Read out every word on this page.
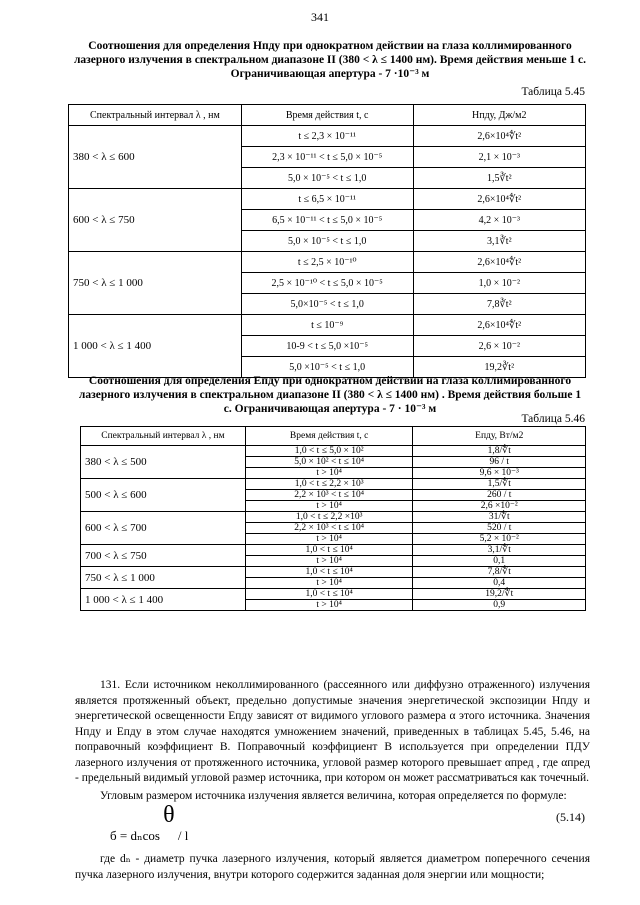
341
Соотношения для определения Нпду при однократном действии на глаза коллимированного
лазерного излучения в спектральном диапазоне II (380 < λ ≤ 1400 нм). Время действия меньше 1 с.
Ограничивающая апертура - 7 ·10⁻³ м
Таблица 5.45
Спектральный интервал λ , нм	Время действия t, с	Нпду, Дж/м2
380 < λ ≤ 600	t ≤ 2,3 × 10⁻¹¹	2,6×10⁴∜t²
	2,3 × 10⁻¹¹ < t ≤ 5,0 × 10⁻⁵	2,1 × 10⁻³
	5,0 × 10⁻⁵ < t ≤ 1,0	1,5∛t²
600 < λ ≤ 750	t ≤ 6,5 × 10⁻¹¹	2,6×10⁴∜t²
	6,5 × 10⁻¹¹ < t ≤ 5,0 × 10⁻⁵	4,2 × 10⁻³
	5,0 × 10⁻⁵ < t ≤ 1,0	3,1∛t²
750 < λ ≤ 1 000	t ≤ 2,5 × 10⁻¹⁰	2,6×10⁴∜t²
	2,5 × 10⁻¹⁰ < t ≤ 5,0 × 10⁻⁵	1,0 × 10⁻²
	5,0×10⁻⁵ < t ≤ 1,0	7,8∛t²
1 000 < λ ≤ 1 400	t ≤ 10⁻⁹	2,6×10⁴∜t²
	10-9 < t ≤ 5,0 ×10⁻⁵	2,6 × 10⁻²
	5,0 ×10⁻⁵ < t ≤ 1,0	19,2∛t²
Соотношения для определения Епду при однократном действии на глаза коллимированного
лазерного излучения в спектральном диапазоне II (380 < λ ≤ 1400 нм) . Время действия больше 1
с. Ограничивающая апертура - 7 · 10⁻³ м
Таблица 5.46
Спектральный интервал λ , нм	Время действия t, с	Епду, Вт/м2
380 < λ ≤ 500	1,0 < t ≤ 5,0 × 10²	1,8/∜t
	5,0 × 10² < t ≤ 10⁴	96 / t
	t > 10⁴	9,6 × 10⁻³
500 < λ ≤ 600	1,0 < t ≤ 2,2 × 10³	1,5/∜t
	2,2 × 10³ < t ≤ 10⁴	260 / t
	t > 10⁴	2,6 ×10⁻²
600 < λ ≤ 700	1,0 < t ≤ 2,2 ×10³	31/∜t
	2,2 × 10³ < t ≤ 10⁴	520 / t
	t > 10⁴	5,2 × 10⁻²
700 < λ ≤ 750	1,0 < t ≤ 10⁴	3,1/∜t
	t > 10⁴	0,1
750 < λ ≤ 1 000	1,0 < t ≤ 10⁴	7,8/∜t
	t > 10⁴	0,4
1 000 < λ ≤ 1 400	1,0 < t ≤ 10⁴	19,2/∜t
	t > 10⁴	0,9
131. Если источником неколлимированного (рассеянного или диффузно отраженного) излучения является протяженный объект, предельно допустимые значения энергетической экспозиции Нпду и энергетической освещенности Епду зависят от видимого углового размера α этого источника. Значения Нпду и Епду в этом случае находятся умножением значений, приведенных в таблицах 5.45, 5.46, на поправочный коэффициент В. Поправочный коэффициент В используется при определении ПДУ лазерного излучения от протяженного источника, угловой размер которого превышает αпред , где αпред - предельный видимый угловой размер источника, при котором он может рассматриваться как точечный.
Угловым размером источника излучения является величина, которая определяется по формуле:
б = dₙcos θ / l
(5.14)
где dₙ - диаметр пучка лазерного излучения, который является диаметром поперечного сечения пучка лазерного излучения, внутри которого содержится заданная доля энергии или мощности;
